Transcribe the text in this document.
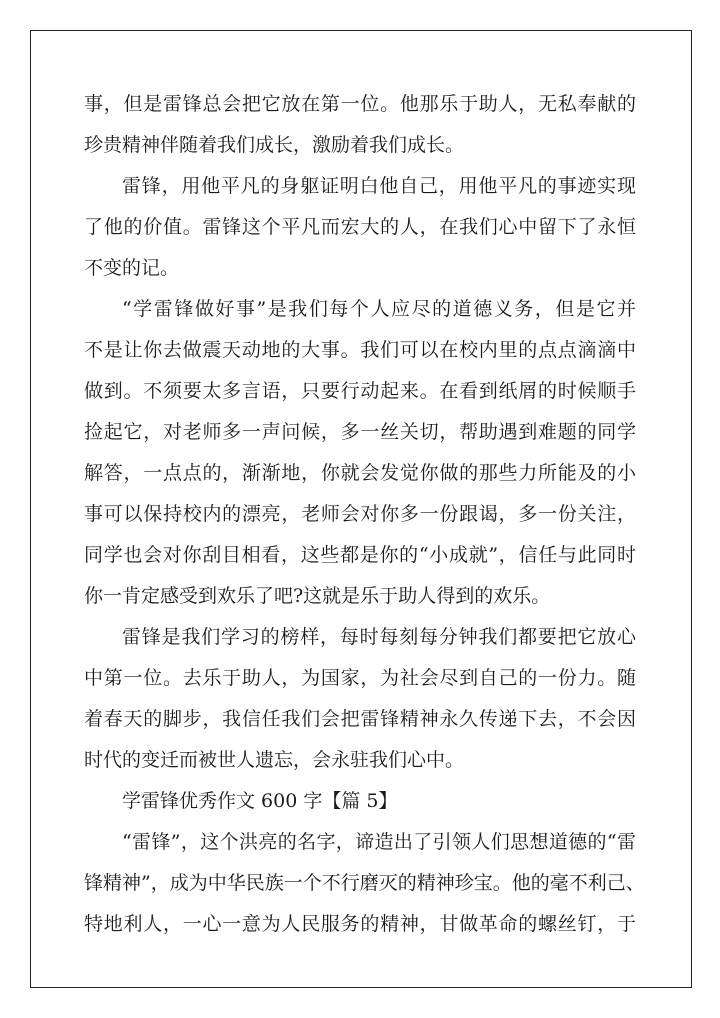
事，但是雷锋总会把它放在第一位。他那乐于助人，无私奉献的

珍贵精神伴随着我们成长，激励着我们成长。

雷锋，用他平凡的身躯证明白他自己，用他平凡的事迹实现

了他的价值。雷锋这个平凡而宏大的人，在我们心中留下了永恒

不变的记。

“学雷锋做好事”是我们每个人应尽的道德义务，但是它并

不是让你去做震天动地的大事。我们可以在校内里的点点滴滴中

做到。不须要太多言语，只要行动起来。在看到纸屑的时候顺手

捡起它，对老师多一声问候，多一丝关切，帮助遇到难题的同学

解答，一点点的，渐渐地，你就会发觉你做的那些力所能及的小

事可以保持校内的漂亮，老师会对你多一份跟谒，多一份关注，

同学也会对你刮目相看，这些都是你的“小成就”，信任与此同时

你一肯定感受到欢乐了吧?这就是乐于助人得到的欢乐。

雷锋是我们学习的榜样，每时每刻每分钟我们都要把它放心

中第一位。去乐于助人，为国家，为社会尽到自己的一份力。随

着春天的脚步，我信任我们会把雷锋精神永久传递下去，不会因

时代的变迁而被世人遗忘，会永驻我们心中。

学雷锋优秀作文 600 字【篇 5】

“雷锋”，这个洪亮的名字，谛造出了引领人们思想道德的“雷

锋精神”，成为中华民族一个不行磨灭的精神珍宝。他的毫不利己、

特地利人，一心一意为人民服务的精神，甘做革命的螺丝钉，于
